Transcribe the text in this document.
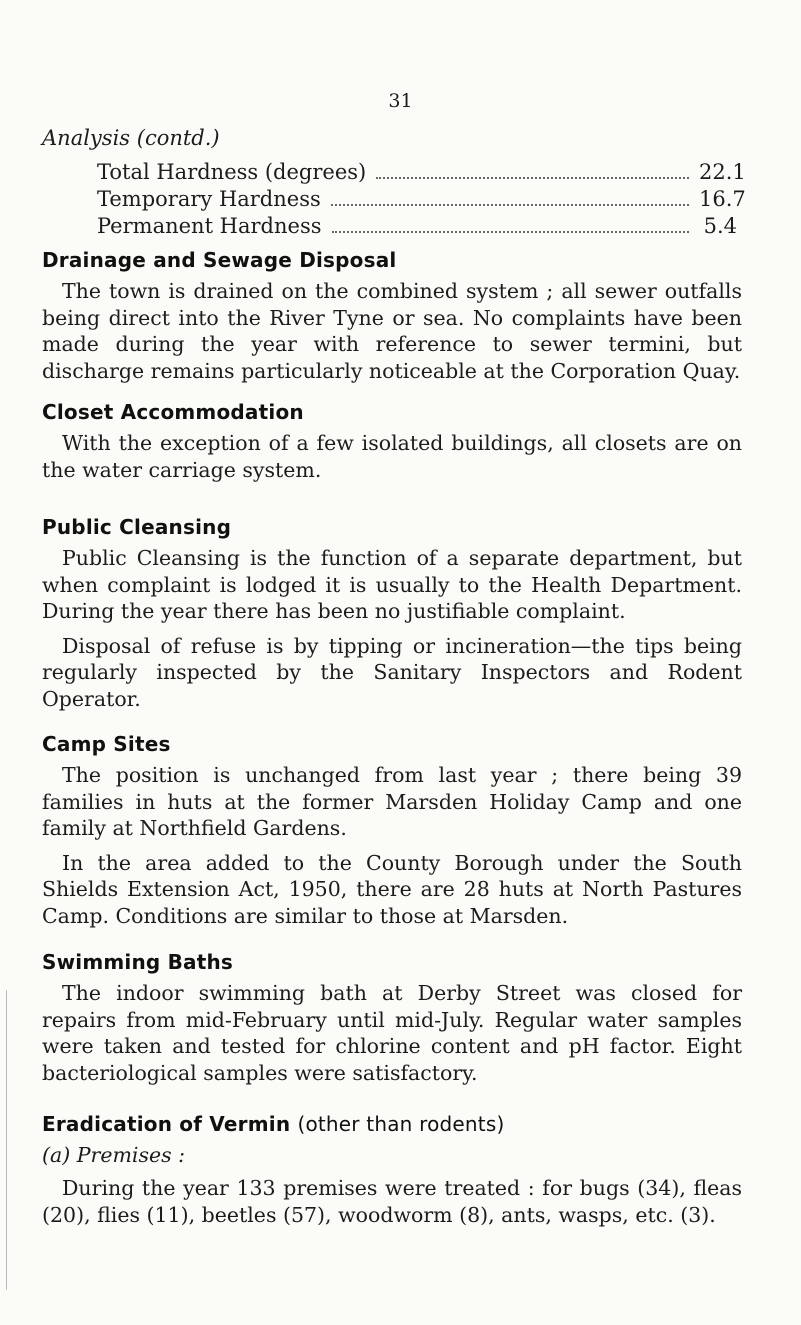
31
Analysis (contd.)
Total Hardness (degrees)	22.1
Temporary Hardness	16.7
Permanent Hardness	5.4
Drainage and Sewage Disposal

The town is drained on the combined system ; all sewer outfalls being direct into the River Tyne or sea. No complaints have been made during the year with reference to sewer termini, but discharge remains particularly noticeable at the Corporation Quay.

Closet Accommodation

With the exception of a few isolated buildings, all closets are on the water carriage system.

Public Cleansing

Public Cleansing is the function of a separate department, but when complaint is lodged it is usually to the Health Department. During the year there has been no justifiable complaint.

Disposal of refuse is by tipping or incineration—the tips being regularly inspected by the Sanitary Inspectors and Rodent Operator.

Camp Sites

The position is unchanged from last year ; there being 39 families in huts at the former Marsden Holiday Camp and one family at Northfield Gardens.

In the area added to the County Borough under the South Shields Extension Act, 1950, there are 28 huts at North Pastures Camp. Conditions are similar to those at Marsden.

Swimming Baths

The indoor swimming bath at Derby Street was closed for repairs from mid-February until mid-July. Regular water samples were taken and tested for chlorine content and pH factor. Eight bacteriological samples were satisfactory.

Eradication of Vermin (other than rodents)
(a) Premises :

During the year 133 premises were treated : for bugs (34), fleas (20), flies (11), beetles (57), woodworm (8), ants, wasps, etc. (3).
